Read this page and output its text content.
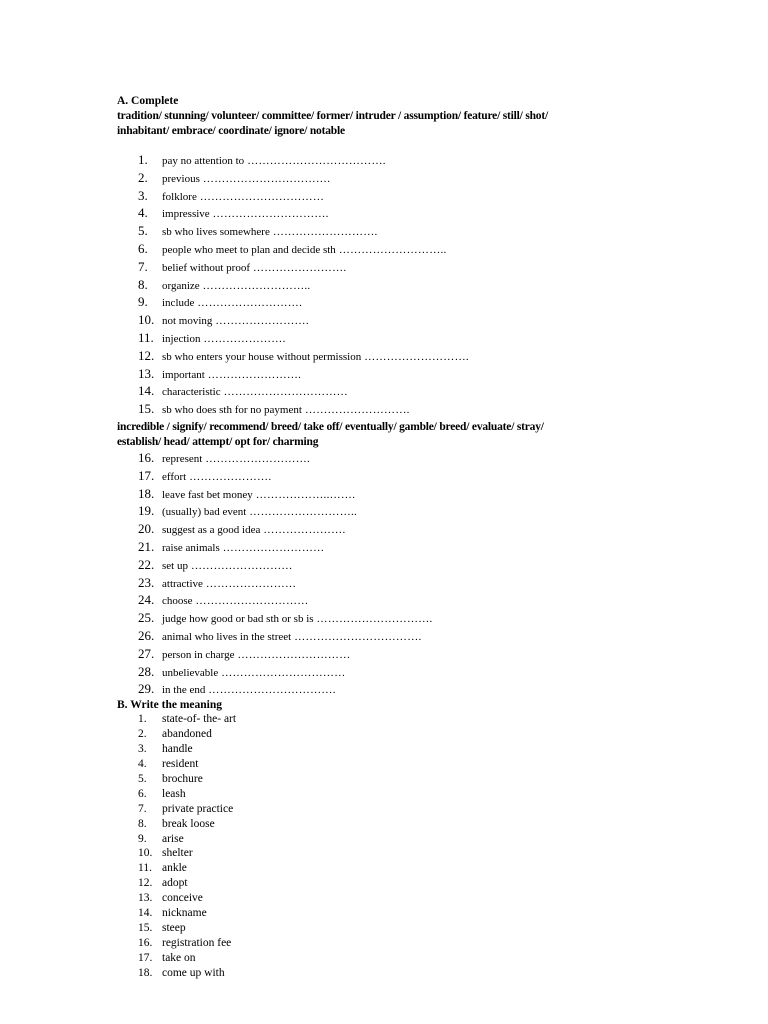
A. Complete
tradition/ stunning/ volunteer/ committee/ former/ intruder / assumption/ feature/ still/ shot/
inhabitant/ embrace/ coordinate/ ignore/ notable
1.	pay no attention to ……………………………….
2.	previous …………………………….
3.	folklore ……………………………
4.	impressive ………………………….
5.	sb who lives somewhere ……………………….
6.	people who meet to plan and decide sth ………………………..
7.	belief without proof …………………….
8.	organize ………………………..
9.	include ……………………….
10. not moving …………………….
11. injection ………………….
12. sb who enters your house without permission ……………………….
13. important …………………….
14. characteristic ……………………………
15. sb who does sth for no payment ……………………….
incredible / signify/ recommend/ breed/ take off/ eventually/ gamble/ breed/ evaluate/ stray/
establish/ head/ attempt/ opt for/ charming
16. represent ……………………….
17. effort ………………….
18. leave fast bet money ………………..…….
19. (usually) bad event ………………………..
20. suggest as a good idea ………………….
21. raise animals ………………………
22. set up ………………………
23. attractive ……………………
24. choose …………………………
25. judge how good or bad sth or sb is ………………………….
26. animal who lives in the street …………………………….
27. person in charge …………………………
28. unbelievable ……………………………
29. in the end …………………………….
B. Write the meaning
1.	state-of- the- art
2.	abandoned
3.	handle
4.	resident
5.	brochure
6.	leash
7.	private practice
8.	break loose
9.	arise
10. shelter
11. ankle
12. adopt
13. conceive
14. nickname
15. steep
16. registration fee
17. take on
18. come up with
